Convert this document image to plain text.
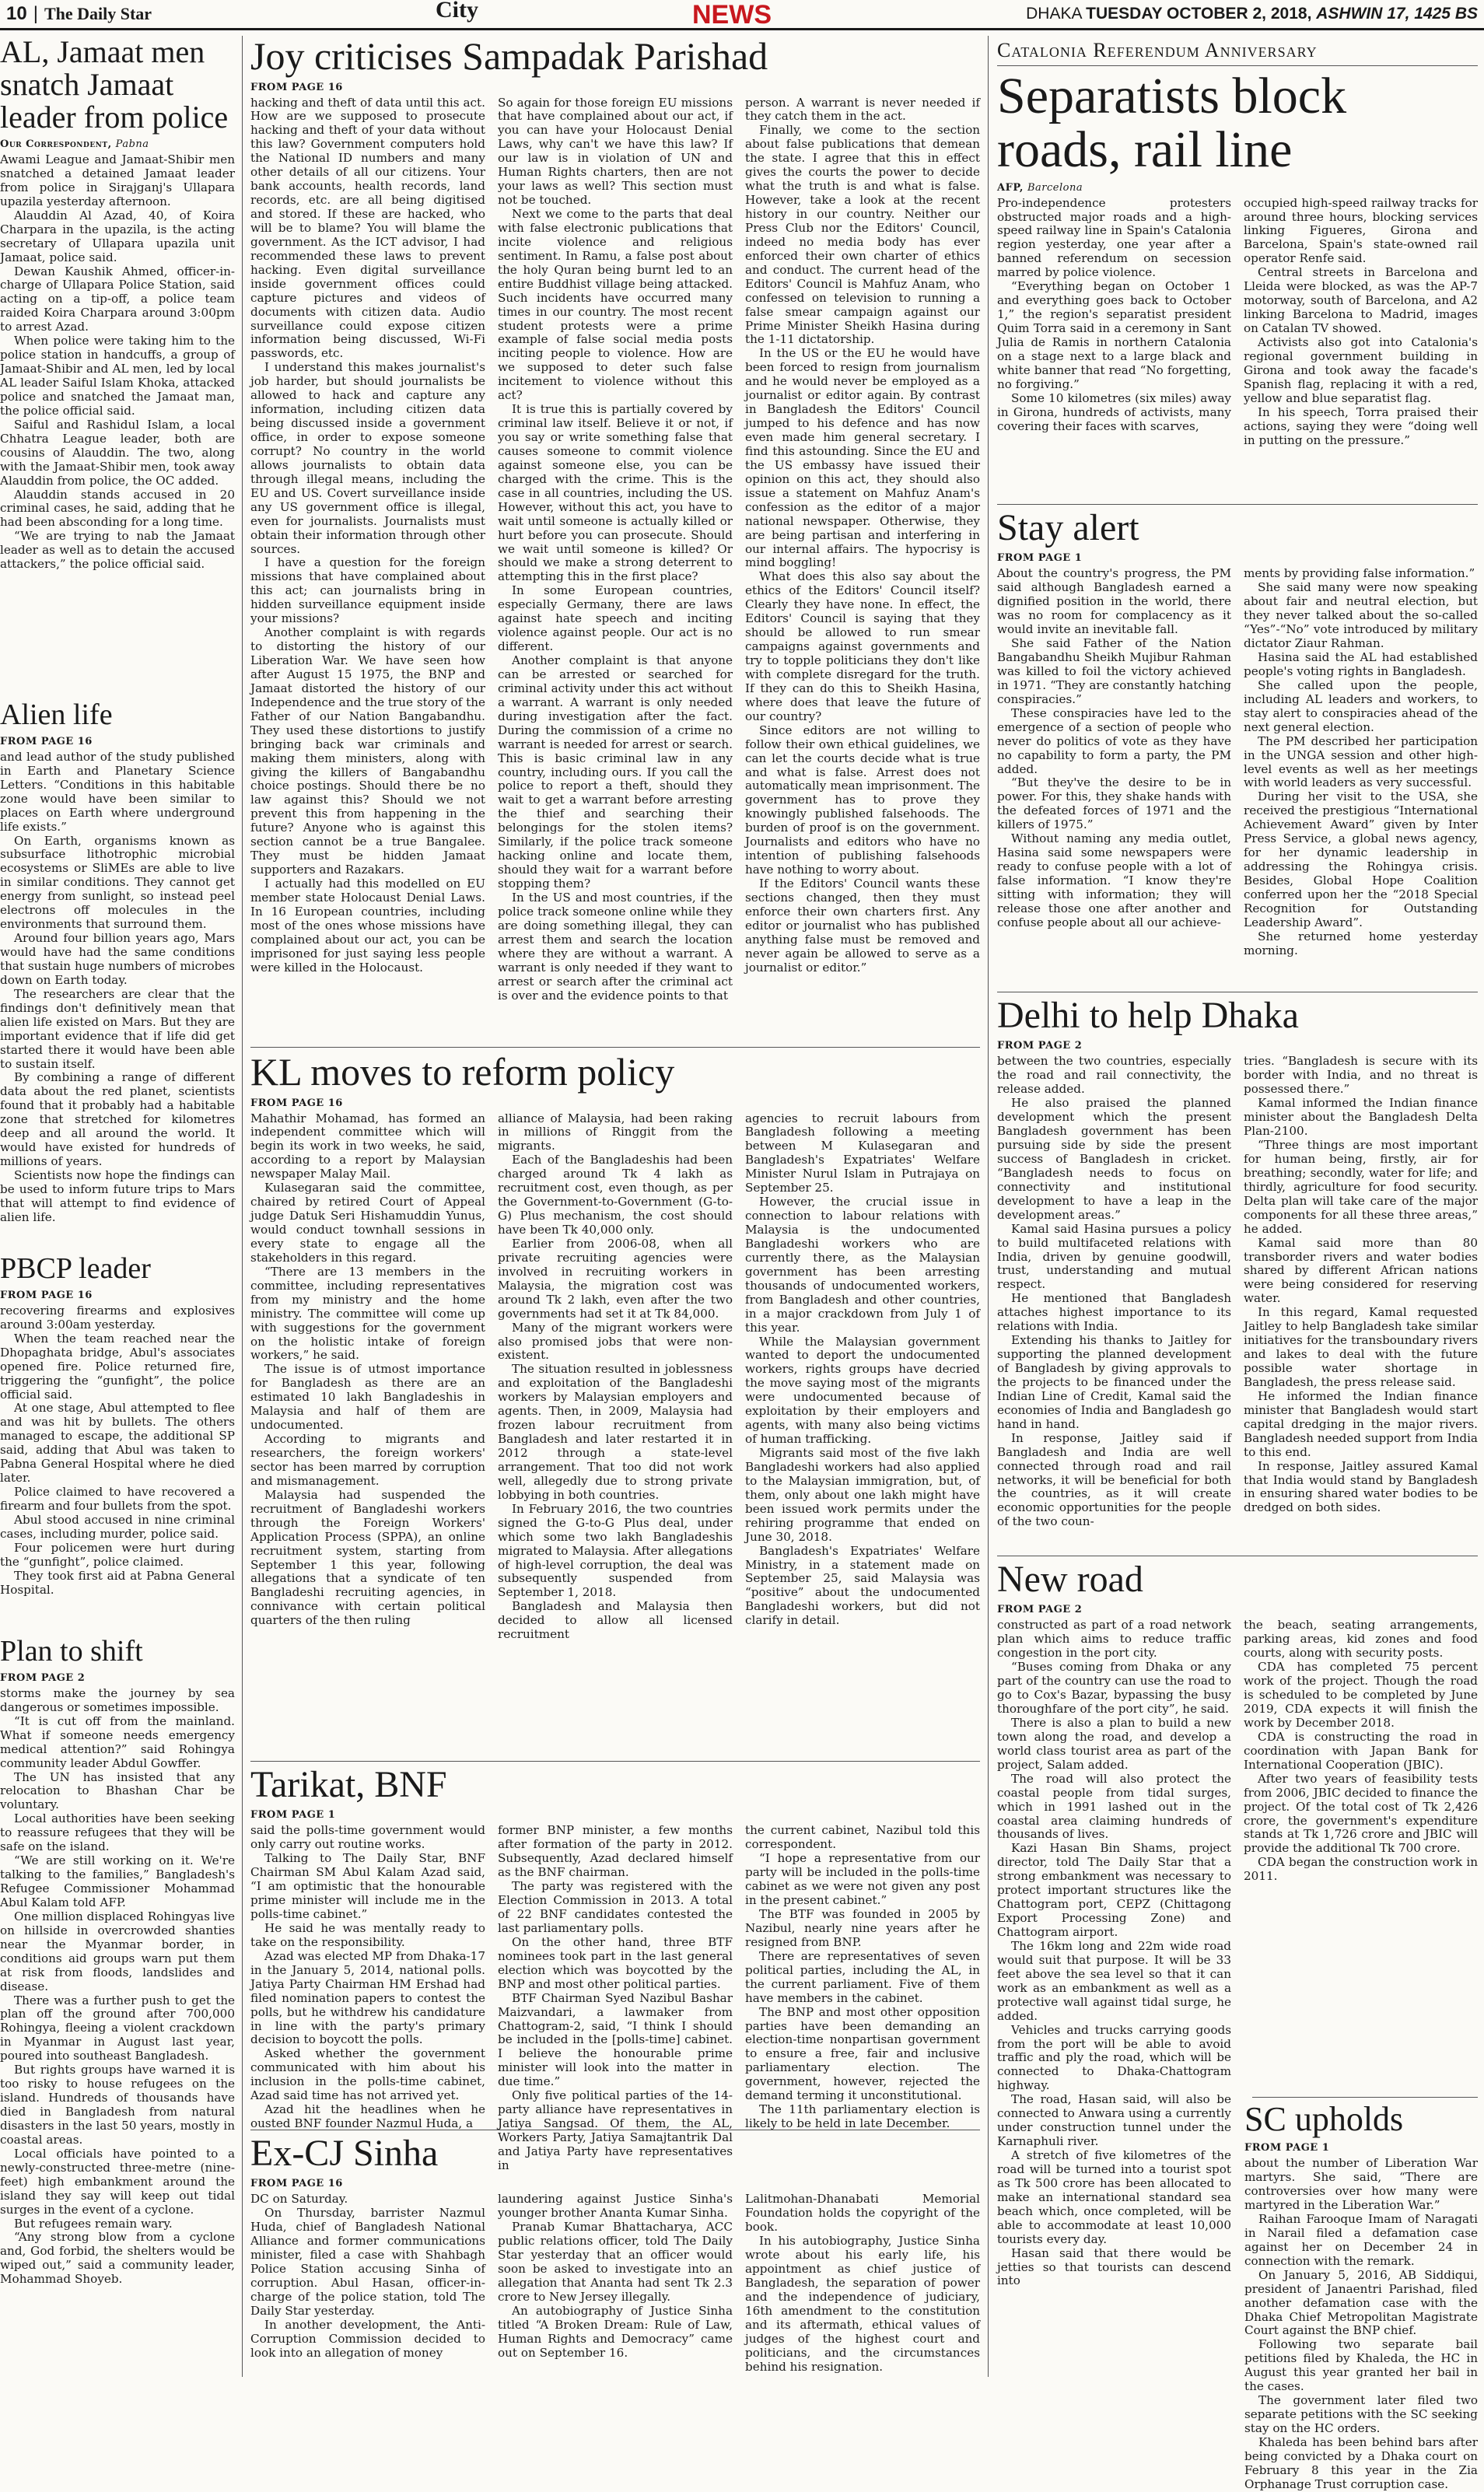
10 | The Daily Star	City	NEWS	DHAKA TUESDAY OCTOBER 2, 2018, ASHWIN 17, 1425 BS
AL, Jamaat men snatch Jamaat leader from police
Our Correspondent, Pabna

Awami League and Jamaat-Shibir men snatched a detained Jamaat leader from police in Sirajganj's Ullapara upazila yesterday afternoon.

Alauddin Al Azad, 40, of Koira Charpara in the upazila, is the acting secretary of Ullapara upazila unit Jamaat, police said.

Dewan Kaushik Ahmed, officer-in-charge of Ullapara Police Station, said acting on a tip-off, a police team raided Koira Charpara around 3:00pm to arrest Azad.

When police were taking him to the police station in handcuffs, a group of Jamaat-Shibir and AL men, led by local AL leader Saiful Islam Khoka, attacked police and snatched the Jamaat man, the police official said.

Saiful and Rashidul Islam, a local Chhatra League leader, both are cousins of Alauddin. The two, along with the Jamaat-Shibir men, took away Alauddin from police, the OC added.

Alauddin stands accused in 20 criminal cases, he said, adding that he had been absconding for a long time.

“We are trying to nab the Jamaat leader as well as to detain the accused attackers,” the police official said.

Alien life
FROM PAGE 16

and lead author of the study published in Earth and Planetary Science Letters. “Conditions in this habitable zone would have been similar to places on Earth where underground life exists.”

On Earth, organisms known as subsurface lithotrophic microbial ecosystems or SliMEs are able to live in similar conditions. They cannot get energy from sunlight, so instead peel electrons off molecules in the environments that surround them.

Around four billion years ago, Mars would have had the same conditions that sustain huge numbers of microbes down on Earth today.

The researchers are clear that the findings don't definitively mean that alien life existed on Mars. But they are important evidence that if life did get started there it would have been able to sustain itself.

By combining a range of different data about the red planet, scientists found that it probably had a habitable zone that stretched for kilometres deep and all around the world. It would have existed for hundreds of millions of years.

Scientists now hope the findings can be used to inform future trips to Mars that will attempt to find evidence of alien life.

PBCP leader
FROM PAGE 16

recovering firearms and explosives around 3:00am yesterday.

When the team reached near the Dhopaghata bridge, Abul's associates opened fire. Police returned fire, triggering the “gunfight”, the police official said.

At one stage, Abul attempted to flee and was hit by bullets. The others managed to escape, the additional SP said, adding that Abul was taken to Pabna General Hospital where he died later.

Police claimed to have recovered a firearm and four bullets from the spot.

Abul stood accused in nine criminal cases, including murder, police said.

Four policemen were hurt during the “gunfight”, police claimed.

They took first aid at Pabna General Hospital.

Plan to shift
FROM PAGE 2

storms make the journey by sea dangerous or sometimes impossible.

“It is cut off from the mainland. What if someone needs emergency medical attention?” said Rohingya community leader Abdul Gowffer.

The UN has insisted that any relocation to Bhashan Char be voluntary.

Local authorities have been seeking to reassure refugees that they will be safe on the island.

“We are still working on it. We're talking to the families,” Bangladesh's Refugee Commissioner Mohammad Abul Kalam told AFP.

One million displaced Rohingyas live on hillside in overcrowded shanties near the Myanmar border, in conditions aid groups warn put them at risk from floods, landslides and disease.

There was a further push to get the plan off the ground after 700,000 Rohingya, fleeing a violent crackdown in Myanmar in August last year, poured into southeast Bangladesh.

But rights groups have warned it is too risky to house refugees on the island. Hundreds of thousands have died in Bangladesh from natural disasters in the last 50 years, mostly in coastal areas.

Local officials have pointed to a newly-constructed three-metre (nine-feet) high embankment around the island they say will keep out tidal surges in the event of a cyclone.

But refugees remain wary.

“Any strong blow from a cyclone and, God forbid, the shelters would be wiped out,” said a community leader, Mohammad Shoyeb.

Joy criticises Sampadak Parishad
FROM PAGE 16

hacking and theft of data until this act. How are we supposed to prosecute hacking and theft of your data without this law? Government computers hold the National ID numbers and many other details of all our citizens. Your bank accounts, health records, land records, etc. are all being digitised and stored. If these are hacked, who will be to blame? You will blame the government. As the ICT advisor, I had recommended these laws to prevent hacking. Even digital surveillance inside government offices could capture pictures and videos of documents with citizen data. Audio surveillance could expose citizen information being discussed, Wi-Fi passwords, etc.

I understand this makes journalist's job harder, but should journalists be allowed to hack and capture any information, including citizen data being discussed inside a government office, in order to expose someone corrupt? No country in the world allows journalists to obtain data through illegal means, including the EU and US. Covert surveillance inside any US government office is illegal, even for journalists. Journalists must obtain their information through other sources.

I have a question for the foreign missions that have complained about this act; can journalists bring in hidden surveillance equipment inside your missions?

Another complaint is with regards to distorting the history of our Liberation War. We have seen how after August 15 1975, the BNP and Jamaat distorted the history of our Independence and the true story of the Father of our Nation Bangabandhu. They used these distortions to justify bringing back war criminals and making them ministers, along with giving the killers of Bangabandhu choice postings. Should there be no law against this? Should we not prevent this from happening in the future? Anyone who is against this section cannot be a true Bangalee. They must be hidden Jamaat supporters and Razakars.

I actually had this modelled on EU member state Holocaust Denial Laws. In 16 European countries, including most of the ones whose missions have complained about our act, you can be imprisoned for just saying less people were killed in the Holocaust.

So again for those foreign EU missions that have complained about our act, if you can have your Holocaust Denial Laws, why can't we have this law? If our law is in violation of UN and Human Rights charters, then are not your laws as well? This section must not be touched.

Next we come to the parts that deal with false electronic publications that incite violence and religious sentiment. In Ramu, a false post about the holy Quran being burnt led to an entire Buddhist village being attacked. Such incidents have occurred many times in our country. The most recent student protests were a prime example of false social media posts inciting people to violence. How are we supposed to deter such false incitement to violence without this act?

It is true this is partially covered by criminal law itself. Believe it or not, if you say or write something false that causes someone to commit violence against someone else, you can be charged with the crime. This is the case in all countries, including the US. However, without this act, you have to wait until someone is actually killed or hurt before you can prosecute. Should we wait until someone is killed? Or should we make a strong deterrent to attempting this in the first place?

In some European countries, especially Germany, there are laws against hate speech and inciting violence against people. Our act is no different.

Another complaint is that anyone can be arrested or searched for criminal activity under this act without a warrant. A warrant is only needed during investigation after the fact. During the commission of a crime no warrant is needed for arrest or search. This is basic criminal law in any country, including ours. If you call the police to report a theft, should they wait to get a warrant before arresting the thief and searching their belongings for the stolen items? Similarly, if the police track someone hacking online and locate them, should they wait for a warrant before stopping them?

In the US and most countries, if the police track someone online while they are doing something illegal, they can arrest them and search the location where they are without a warrant. A warrant is only needed if they want to arrest or search after the criminal act is over and the evidence points to that

person. A warrant is never needed if they catch them in the act.

Finally, we come to the section about false publications that demean the state. I agree that this in effect gives the courts the power to decide what the truth is and what is false. However, take a look at the recent history in our country. Neither our Press Club nor the Editors' Council, indeed no media body has ever enforced their own charter of ethics and conduct. The current head of the Editors' Council is Mahfuz Anam, who confessed on television to running a false smear campaign against our Prime Minister Sheikh Hasina during the 1-11 dictatorship.

In the US or the EU he would have been forced to resign from journalism and he would never be employed as a journalist or editor again. By contrast in Bangladesh the Editors' Council jumped to his defence and has now even made him general secretary. I find this astounding. Since the EU and the US embassy have issued their opinion on this act, they should also issue a statement on Mahfuz Anam's confession as the editor of a major national newspaper. Otherwise, they are being partisan and interfering in our internal affairs. The hypocrisy is mind boggling!

What does this also say about the ethics of the Editors' Council itself? Clearly they have none. In effect, the Editors' Council is saying that they should be allowed to run smear campaigns against governments and try to topple politicians they don't like with complete disregard for the truth. If they can do this to Sheikh Hasina, where does that leave the future of our country?

Since editors are not willing to follow their own ethical guidelines, we can let the courts decide what is true and what is false. Arrest does not automatically mean imprisonment. The government has to prove they knowingly published falsehoods. The burden of proof is on the government. Journalists and editors who have no intention of publishing falsehoods have nothing to worry about.

If the Editors' Council wants these sections changed, then they must enforce their own charters first. Any editor or journalist who has published anything false must be removed and never again be allowed to serve as a journalist or editor.”

KL moves to reform policy
FROM PAGE 16

Mahathir Mohamad, has formed an independent committee which will begin its work in two weeks, he said, according to a report by Malaysian newspaper Malay Mail.

Kulasegaran said the committee, chaired by retired Court of Appeal judge Datuk Seri Hishamuddin Yunus, would conduct townhall sessions in every state to engage all the stakeholders in this regard.

“There are 13 members in the committee, including representatives from my ministry and the home ministry. The committee will come up with suggestions for the government on the holistic intake of foreign workers,” he said.

The issue is of utmost importance for Bangladesh as there are an estimated 10 lakh Bangladeshis in Malaysia and half of them are undocumented.

According to migrants and researchers, the foreign workers' sector has been marred by corruption and mismanagement.

Malaysia had suspended the recruitment of Bangladeshi workers through the Foreign Workers' Application Process (SPPA), an online recruitment system, starting from September 1 this year, following allegations that a syndicate of ten Bangladeshi recruiting agencies, in connivance with certain political quarters of the then ruling

alliance of Malaysia, had been raking in millions of Ringgit from the migrants.

Each of the Bangladeshis had been charged around Tk 4 lakh as recruitment cost, even though, as per the Government-to-Government (G-to-G) Plus mechanism, the cost should have been Tk 40,000 only.

Earlier from 2006-08, when all private recruiting agencies were involved in recruiting workers in Malaysia, the migration cost was around Tk 2 lakh, even after the two governments had set it at Tk 84,000.

Many of the migrant workers were also promised jobs that were non-existent.

The situation resulted in joblessness and exploitation of the Bangladeshi workers by Malaysian employers and agents. Then, in 2009, Malaysia had frozen labour recruitment from Bangladesh and later restarted it in 2012 through a state-level arrangement. That too did not work well, allegedly due to strong private lobbying in both countries.

In February 2016, the two countries signed the G-to-G Plus deal, under which some two lakh Bangladeshis migrated to Malaysia. After allegations of high-level corruption, the deal was subsequently suspended from September 1, 2018.

Bangladesh and Malaysia then decided to allow all licensed recruitment

agencies to recruit labours from Bangladesh following a meeting between M Kulasegaran and Bangladesh's Expatriates' Welfare Minister Nurul Islam in Putrajaya on September 25.

However, the crucial issue in connection to labour relations with Malaysia is the undocumented Bangladeshi workers who are currently there, as the Malaysian government has been arresting thousands of undocumented workers, from Bangladesh and other countries, in a major crackdown from July 1 of this year.

While the Malaysian government wanted to deport the undocumented workers, rights groups have decried the move saying most of the migrants were undocumented because of exploitation by their employers and agents, with many also being victims of human trafficking.

Migrants said most of the five lakh Bangladeshi workers had also applied to the Malaysian immigration, but, of them, only about one lakh might have been issued work permits under the rehiring programme that ended on June 30, 2018.

Bangladesh's Expatriates' Welfare Ministry, in a statement made on September 25, said Malaysia was “positive” about the undocumented Bangladeshi workers, but did not clarify in detail.

Tarikat, BNF
FROM PAGE 1

said the polls-time government would only carry out routine works.

Talking to The Daily Star, BNF Chairman SM Abul Kalam Azad said, “I am optimistic that the honourable prime minister will include me in the polls-time cabinet.”

He said he was mentally ready to take on the responsibility.

Azad was elected MP from Dhaka-17 in the January 5, 2014, national polls. Jatiya Party Chairman HM Ershad had filed nomination papers to contest the polls, but he withdrew his candidature in line with the party's primary decision to boycott the polls.

Asked whether the government communicated with him about his inclusion in the polls-time cabinet, Azad said time has not arrived yet.

Azad hit the headlines when he ousted BNF founder Nazmul Huda, a

former BNP minister, a few months after formation of the party in 2012. Subsequently, Azad declared himself as the BNF chairman.

The party was registered with the Election Commission in 2013. A total of 22 BNF candidates contested the last parliamentary polls.

On the other hand, three BTF nominees took part in the last general election which was boycotted by the BNP and most other political parties.

BTF Chairman Syed Nazibul Bashar Maizvandari, a lawmaker from Chattogram-2, said, “I think I should be included in the [polls-time] cabinet. I believe the honourable prime minister will look into the matter in due time.”

Only five political parties of the 14-party alliance have representatives in Jatiya Sangsad. Of them, the AL, Workers Party, Jatiya Samajtantrik Dal and Jatiya Party have representatives in

the current cabinet, Nazibul told this correspondent.

“I hope a representative from our party will be included in the polls-time cabinet as we were not given any post in the present cabinet.”

The BTF was founded in 2005 by Nazibul, nearly nine years after he resigned from BNP.

There are representatives of seven political parties, including the AL, in the current parliament. Five of them have members in the cabinet.

The BNP and most other opposition parties have been demanding an election-time nonpartisan government to ensure a free, fair and inclusive parliamentary election. The government, however, rejected the demand terming it unconstitutional.

The 11th parliamentary election is likely to be held in late December.

Ex-CJ Sinha
FROM PAGE 16

DC on Saturday.

On Thursday, barrister Nazmul Huda, chief of Bangladesh National Alliance and former communications minister, filed a case with Shahbagh Police Station accusing Sinha of corruption. Abul Hasan, officer-in-charge of the police station, told The Daily Star yesterday.

In another development, the Anti-Corruption Commission decided to look into an allegation of money

laundering against Justice Sinha's younger brother Ananta Kumar Sinha.

Pranab Kumar Bhattacharya, ACC public relations officer, told The Daily Star yesterday that an officer would soon be asked to investigate into an allegation that Ananta had sent Tk 2.3 crore to New Jersey illegally.

An autobiography of Justice Sinha titled “A Broken Dream: Rule of Law, Human Rights and Democracy” came out on September 16.

Lalitmohan-Dhanabati Memorial Foundation holds the copyright of the book.

In his autobiography, Justice Sinha wrote about his early life, his appointment as chief justice of Bangladesh, the separation of power and the independence of judiciary, 16th amendment to the constitution and its aftermath, ethical values of judges of the highest court and politicians, and the circumstances behind his resignation.

Catalonia Referendum Anniversary
Separatists block roads, rail line
AFP, Barcelona

Pro-independence protesters obstructed major roads and a high-speed railway line in Spain's Catalonia region yesterday, one year after a banned referendum on secession marred by police violence.

“Everything began on October 1 and everything goes back to October 1,” the region's separatist president Quim Torra said in a ceremony in Sant Julia de Ramis in northern Catalonia on a stage next to a large black and white banner that read “No forgetting, no forgiving.”

Some 10 kilometres (six miles) away in Girona, hundreds of activists, many covering their faces with scarves,

occupied high-speed railway tracks for around three hours, blocking services linking Figueres, Girona and Barcelona, Spain's state-owned rail operator Renfe said.

Central streets in Barcelona and Lleida were blocked, as was the AP-7 motorway, south of Barcelona, and A2 linking Barcelona to Madrid, images on Catalan TV showed.

Activists also got into Catalonia's regional government building in Girona and took away the facade's Spanish flag, replacing it with a red, yellow and blue separatist flag.

In his speech, Torra praised their actions, saying they were “doing well in putting on the pressure.”

Stay alert
FROM PAGE 1

About the country's progress, the PM said although Bangladesh earned a dignified position in the world, there was no room for complacency as it would invite an inevitable fall.

She said Father of the Nation Bangabandhu Sheikh Mujibur Rahman was killed to foil the victory achieved in 1971. “They are constantly hatching conspiracies.”

These conspiracies have led to the emergence of a section of people who never do politics of vote as they have no capability to form a party, the PM added.

“But they've the desire to be in power. For this, they shake hands with the defeated forces of 1971 and the killers of 1975.”

Without naming any media outlet, Hasina said some newspapers were ready to confuse people with a lot of false information. “I know they're sitting with information; they will release those one after another and confuse people about all our achieve-

ments by providing false information.”

She said many were now speaking about fair and neutral election, but they never talked about the so-called “Yes”-“No” vote introduced by military dictator Ziaur Rahman.

Hasina said the AL had established people's voting rights in Bangladesh.

She called upon the people, including AL leaders and workers, to stay alert to conspiracies ahead of the next general election.

The PM described her participation in the UNGA session and other high-level events as well as her meetings with world leaders as very successful.

During her visit to the USA, she received the prestigious “International Achievement Award” given by Inter Press Service, a global news agency, for her dynamic leadership in addressing the Rohingya crisis. Besides, Global Hope Coalition conferred upon her the “2018 Special Recognition for Outstanding Leadership Award”.

She returned home yesterday morning.

Delhi to help Dhaka
FROM PAGE 2

between the two countries, especially the road and rail connectivity, the release added.

He also praised the planned development which the present Bangladesh government has been pursuing side by side the present success of Bangladesh in cricket. “Bangladesh needs to focus on connectivity and institutional development to have a leap in the development areas.”

Kamal said Hasina pursues a policy to build multifaceted relations with India, driven by genuine goodwill, trust, understanding and mutual respect.

He mentioned that Bangladesh attaches highest importance to its relations with India.

Extending his thanks to Jaitley for supporting the planned development of Bangladesh by giving approvals to the projects to be financed under the Indian Line of Credit, Kamal said the economies of India and Bangladesh go hand in hand.

In response, Jaitley said if Bangladesh and India are well connected through road and rail networks, it will be beneficial for both the countries, as it will create economic opportunities for the people of the two coun-

tries. “Bangladesh is secure with its border with India, and no threat is possessed there.”

Kamal informed the Indian finance minister about the Bangladesh Delta Plan-2100.

“Three things are most important for human being, firstly, air for breathing; secondly, water for life; and thirdly, agriculture for food security. Delta plan will take care of the major components for all these three areas,” he added.

Kamal said more than 80 transborder rivers and water bodies shared by different African nations were being considered for reserving water.

In this regard, Kamal requested Jaitley to help Bangladesh take similar initiatives for the transboundary rivers and lakes to deal with the future possible water shortage in Bangladesh, the press release said.

He informed the Indian finance minister that Bangladesh would start capital dredging in the major rivers. Bangladesh needed support from India to this end.

In response, Jaitley assured Kamal that India would stand by Bangladesh in ensuring shared water bodies to be dredged on both sides.

New road
FROM PAGE 2

constructed as part of a road network plan which aims to reduce traffic congestion in the port city.

“Buses coming from Dhaka or any part of the country can use the road to go to Cox's Bazar, bypassing the busy thoroughfare of the port city”, he said.

There is also a plan to build a new town along the road, and develop a world class tourist area as part of the project, Salam added.

The road will also protect the coastal people from tidal surges, which in 1991 lashed out in the coastal area claiming hundreds of thousands of lives.

Kazi Hasan Bin Shams, project director, told The Daily Star that a strong embankment was necessary to protect important structures like the Chattogram port, CEPZ (Chittagong Export Processing Zone) and Chattogram airport.

The 16km long and 22m wide road would suit that purpose. It will be 33 feet above the sea level so that it can work as an embankment as well as a protective wall against tidal surge, he added.

Vehicles and trucks carrying goods from the port will be able to avoid traffic and ply the road, which will be connected to Dhaka-Chattogram highway.

The road, Hasan said, will also be connected to Anwara using a currently under construction tunnel under the Karnaphuli river.

A stretch of five kilometres of the road will be turned into a tourist spot as Tk 500 crore has been allocated to make an international standard sea beach which, once completed, will be able to accommodate at least 10,000 tourists every day.

Hasan said that there would be jetties so that tourists can descend into

the beach, seating arrangements, parking areas, kid zones and food courts, along with security posts.

CDA has completed 75 percent work of the project. Though the road is scheduled to be completed by June 2019, CDA expects it will finish the work by December 2018.

CDA is constructing the road in coordination with Japan Bank for International Cooperation (JBIC).

After two years of feasibility tests from 2006, JBIC decided to finance the project. Of the total cost of Tk 2,426 crore, the government's expenditure stands at Tk 1,726 crore and JBIC will provide the additional Tk 700 crore.

CDA began the construction work in 2011.

SC upholds
FROM PAGE 1

about the number of Liberation War martyrs. She said, “There are controversies over how many were martyred in the Liberation War.”

Raihan Farooque Imam of Naragati in Narail filed a defamation case against her on December 24 in connection with the remark.

On January 5, 2016, AB Siddiqui, president of Janaentri Parishad, filed another defamation case with the Dhaka Chief Metropolitan Magistrate Court against the BNP chief.

Following two separate bail petitions filed by Khaleda, the HC in August this year granted her bail in the cases.

The government later filed two separate petitions with the SC seeking stay on the HC orders.

Khaleda has been behind bars after being convicted by a Dhaka court on February 8 this year in the Zia Orphanage Trust corruption case.
